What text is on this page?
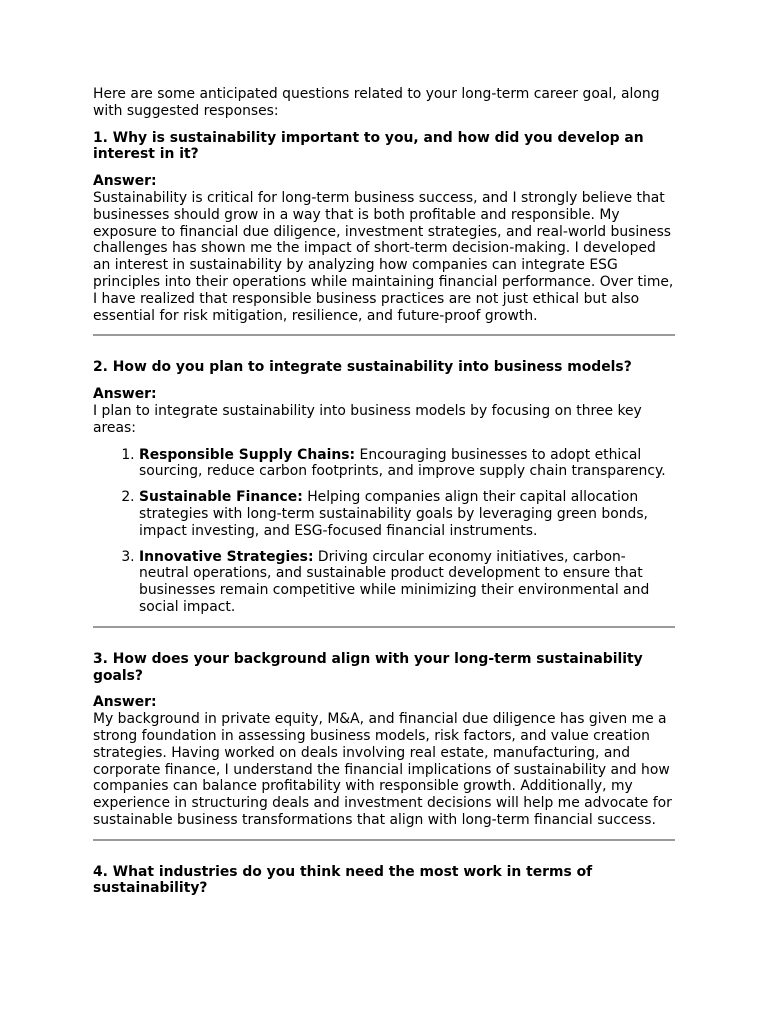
Here are some anticipated questions related to your long-term career goal, along with suggested responses:

1. Why is sustainability important to you, and how did you develop an interest in it?

Answer:

Sustainability is critical for long-term business success, and I strongly believe that businesses should grow in a way that is both profitable and responsible. My exposure to financial due diligence, investment strategies, and real-world business challenges has shown me the impact of short-term decision-making. I developed an interest in sustainability by analyzing how companies can integrate ESG principles into their operations while maintaining financial performance. Over time, I have realized that responsible business practices are not just ethical but also essential for risk mitigation, resilience, and future-proof growth.

2. How do you plan to integrate sustainability into business models?

Answer:

I plan to integrate sustainability into business models by focusing on three key areas:

1. Responsible Supply Chains: Encouraging businesses to adopt ethical sourcing, reduce carbon footprints, and improve supply chain transparency.
2. Sustainable Finance: Helping companies align their capital allocation strategies with long-term sustainability goals by leveraging green bonds, impact investing, and ESG-focused financial instruments.
3. Innovative Strategies: Driving circular economy initiatives, carbon-neutral operations, and sustainable product development to ensure that businesses remain competitive while minimizing their environmental and social impact.

3. How does your background align with your long-term sustainability goals?

Answer:

My background in private equity, M&A, and financial due diligence has given me a strong foundation in assessing business models, risk factors, and value creation strategies. Having worked on deals involving real estate, manufacturing, and corporate finance, I understand the financial implications of sustainability and how companies can balance profitability with responsible growth. Additionally, my experience in structuring deals and investment decisions will help me advocate for sustainable business transformations that align with long-term financial success.

4. What industries do you think need the most work in terms of sustainability?
